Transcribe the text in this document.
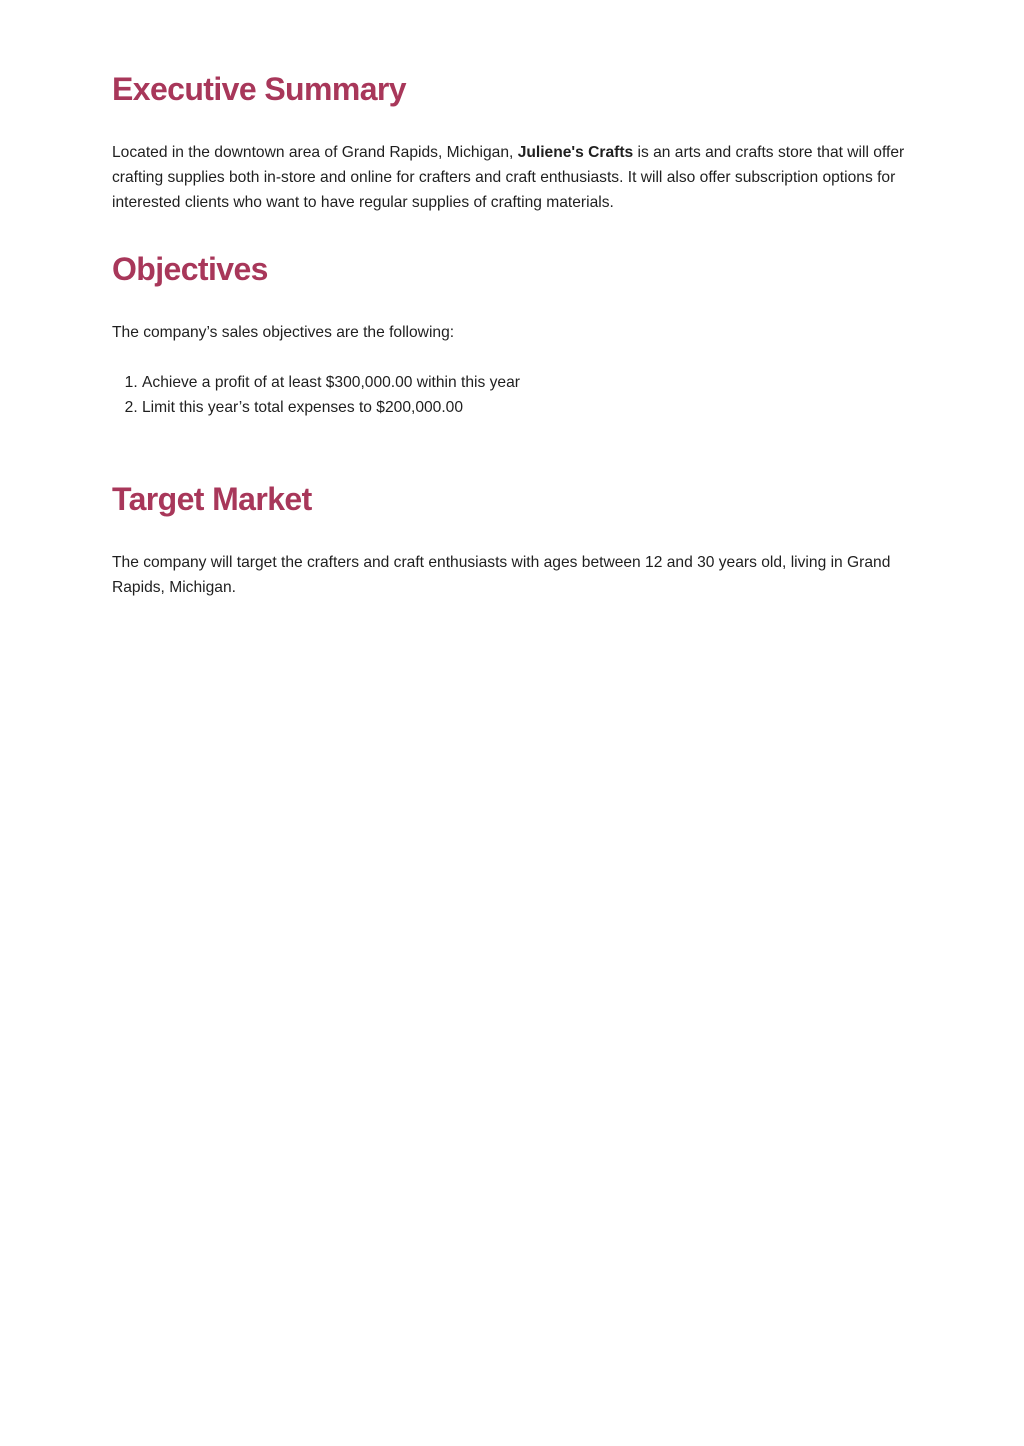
Executive Summary

Located in the downtown area of Grand Rapids, Michigan, Juliene's Crafts is an arts and crafts store that will offer crafting supplies both in-store and online for crafters and craft enthusiasts. It will also offer subscription options for interested clients who want to have regular supplies of crafting materials.

Objectives

The company’s sales objectives are the following:

1. Achieve a profit of at least $300,000.00 within this year
2. Limit this year’s total expenses to $200,000.00
Target Market

The company will target the crafters and craft enthusiasts with ages between 12 and 30 years old, living in Grand Rapids, Michigan.
